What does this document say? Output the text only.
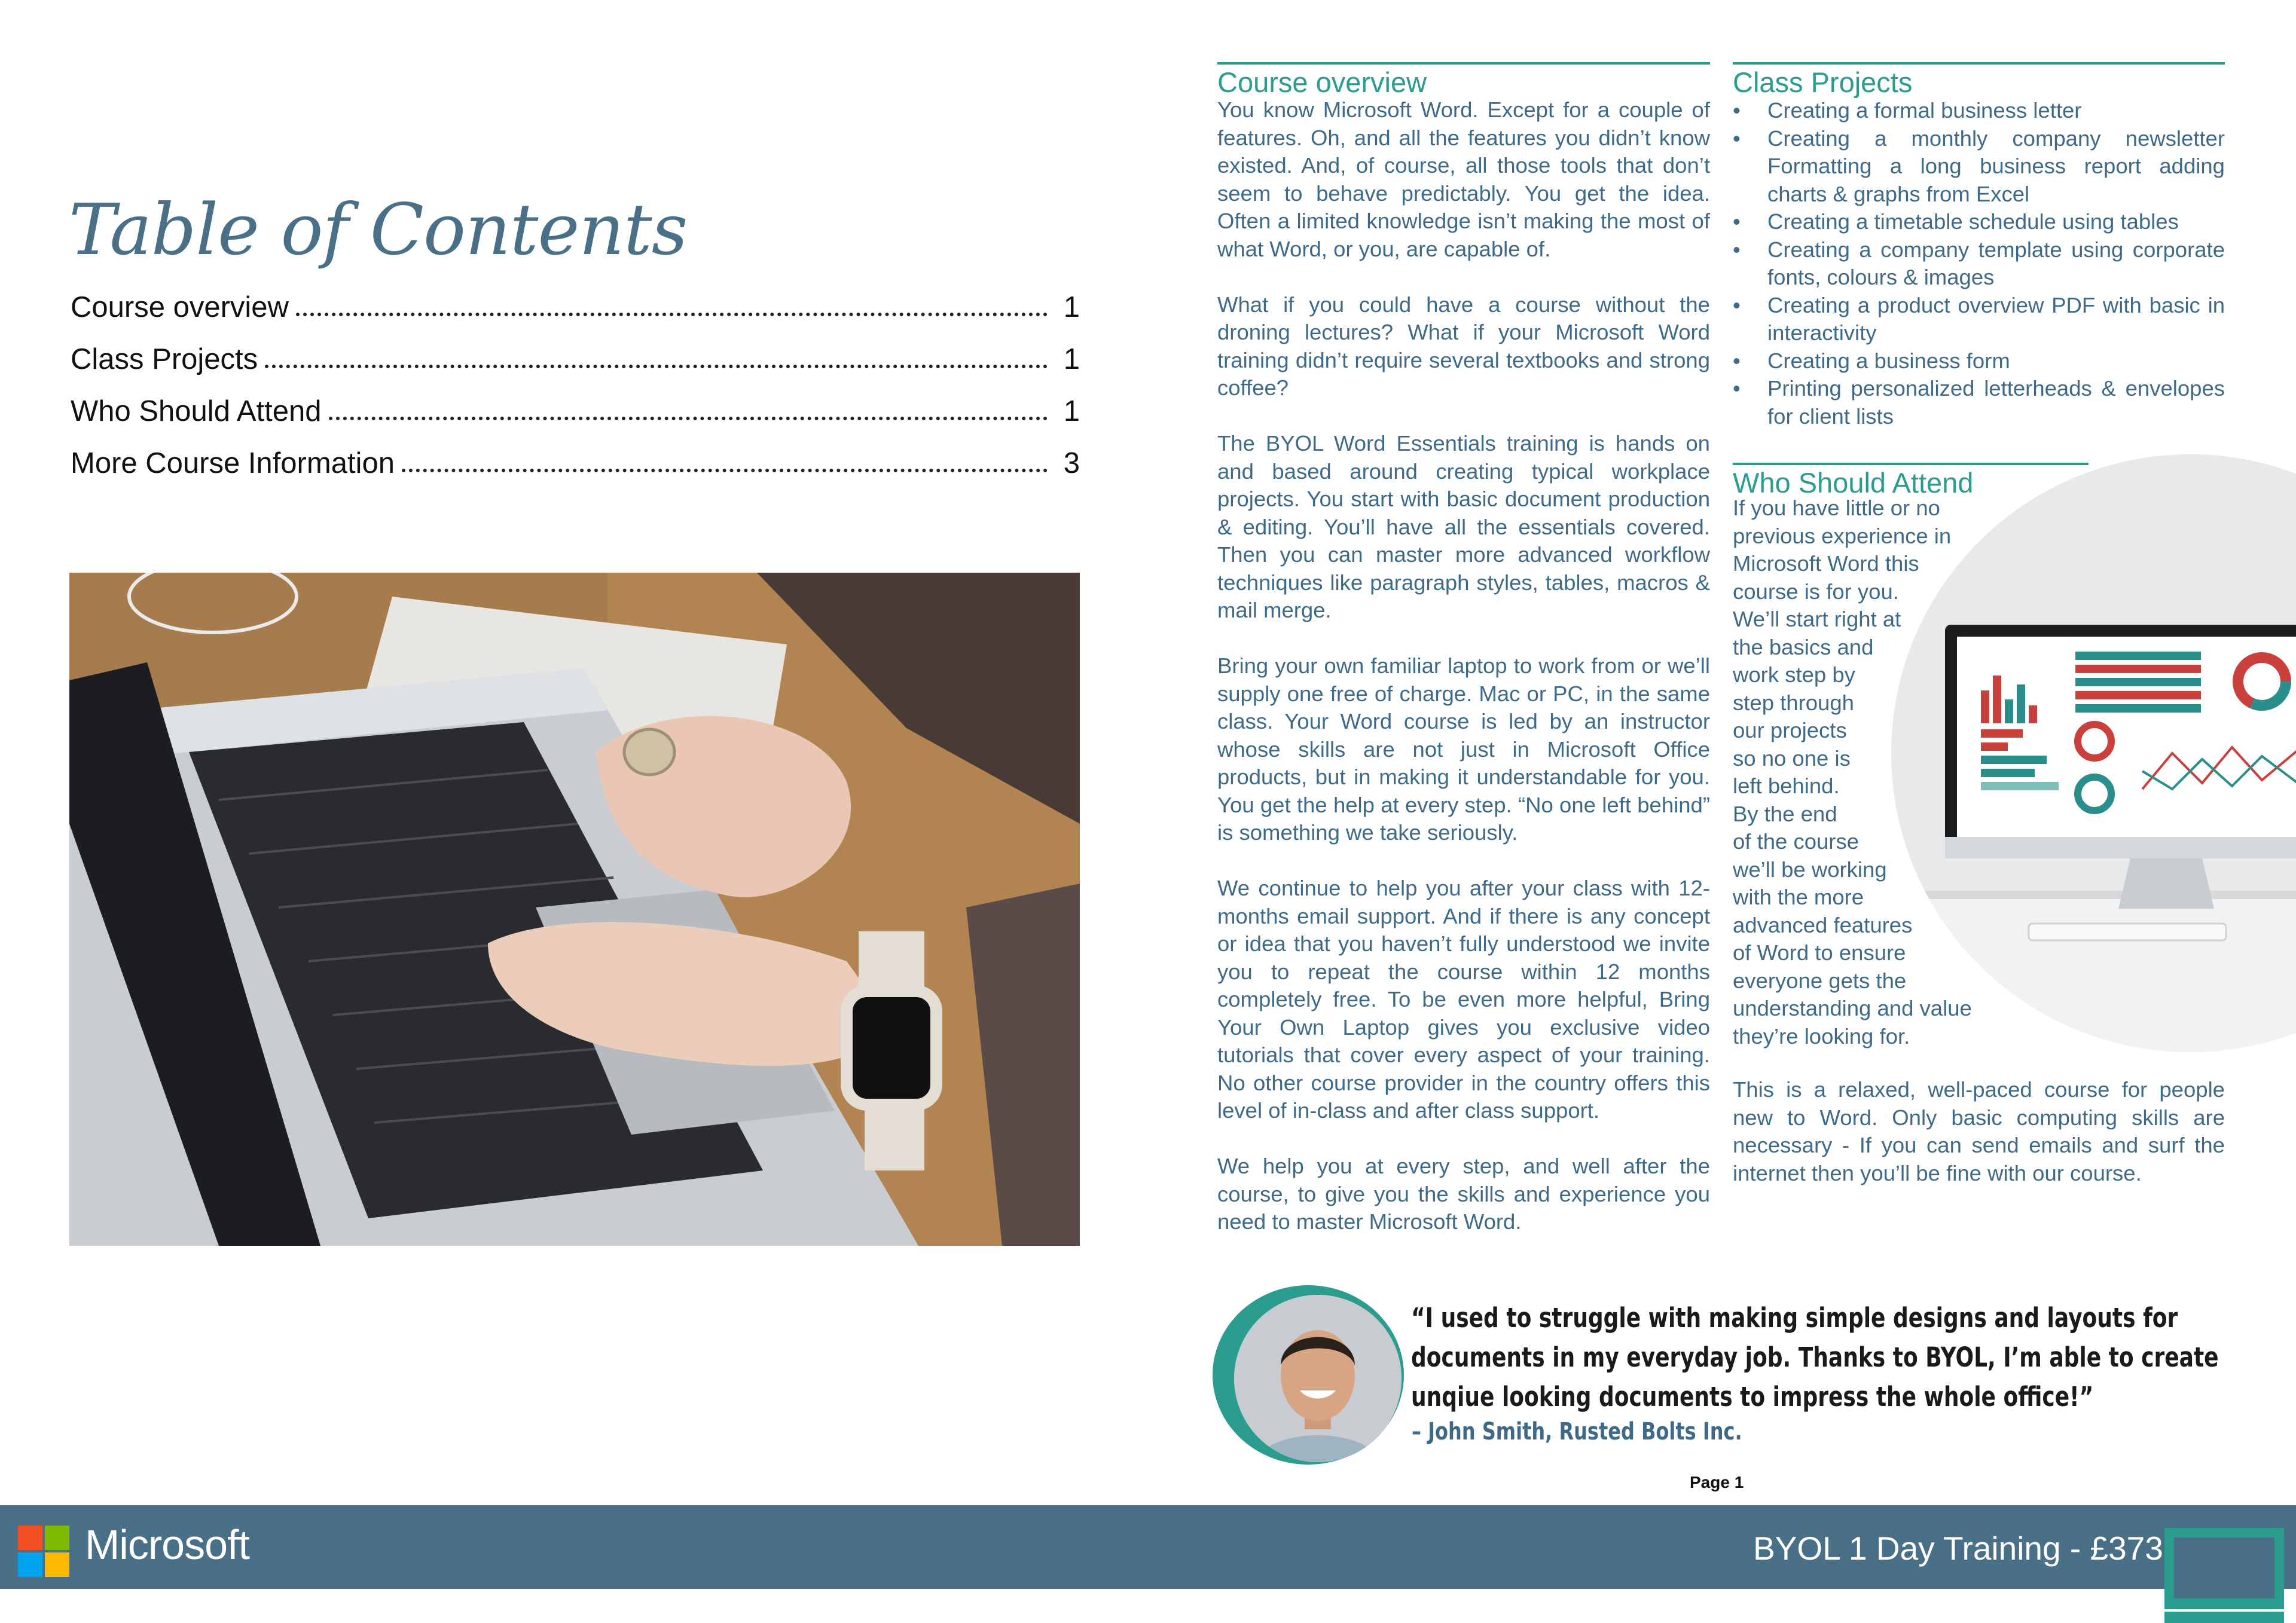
Table of Contents
Course overview	1
Class Projects	1
Who Should Attend	1
More Course Information	3
Course overview

You know Microsoft Word. Except for a couple of features. Oh, and all the features you didn’t know existed. And, of course, all those tools that don’t seem to behave predictably. You get the idea. Often a limited knowledge isn’t making the most of what Word, or you, are capable of.

What if you could have a course without the droning lectures? What if your Microsoft Word training didn’t require several textbooks and strong coffee?

The BYOL Word Essentials training is hands on and based around creating typical workplace projects. You start with basic document production & editing. You’ll have all the essentials covered. Then you can master more advanced workflow techniques like paragraph styles, tables, macros & mail merge.

Bring your own familiar laptop to work from or we’ll supply one free of charge. Mac or PC, in the same class. Your Word course is led by an instructor whose skills are not just in Microsoft Office products, but in making it understandable for you. You get the help at every step. “No one left behind” is something we take seriously.

We continue to help you after your class with 12-months email support. And if there is any concept or idea that you haven’t fully understood we invite you to repeat the course within 12 months completely free. To be even more helpful, Bring Your Own Laptop gives you exclusive video tutorials that cover every aspect of your training. No other course provider in the country offers this level of in-class and after class support.

We help you at every step, and well after the course, to give you the skills and experience you need to master Microsoft Word.

Class Projects
• Creating a formal business letter
• Creating a monthly company newsletter Formatting a long business report adding charts & graphs from Excel
• Creating a timetable schedule using tables
• Creating a company template using corporate fonts, colours & images
• Creating a product overview PDF with basic in interactivity
• Creating a business form
• Printing personalized letterheads & envelopes for client lists
Who Should Attend
If you have little or no
previous experience in
Microsoft Word this
course is for you.
We’ll start right at
the basics and
work step by
step through
our projects
so no one is
left behind.
By the end
of the course
we’ll be working
with the more
advanced features
of Word to ensure
everyone gets the
understanding and value
they’re looking for.
This is a relaxed, well-paced course for people new to Word. Only basic computing skills are necessary - If you can send emails and surf the internet then you’ll be fine with our course.
“I used to struggle with making simple designs and layouts for documents in my everyday job. Thanks to BYOL, I’m able to create unqiue looking documents to impress the whole office!”
– John Smith, Rusted Bolts Inc.
Page 1
Microsoft	BYOL 1 Day Training - £373
